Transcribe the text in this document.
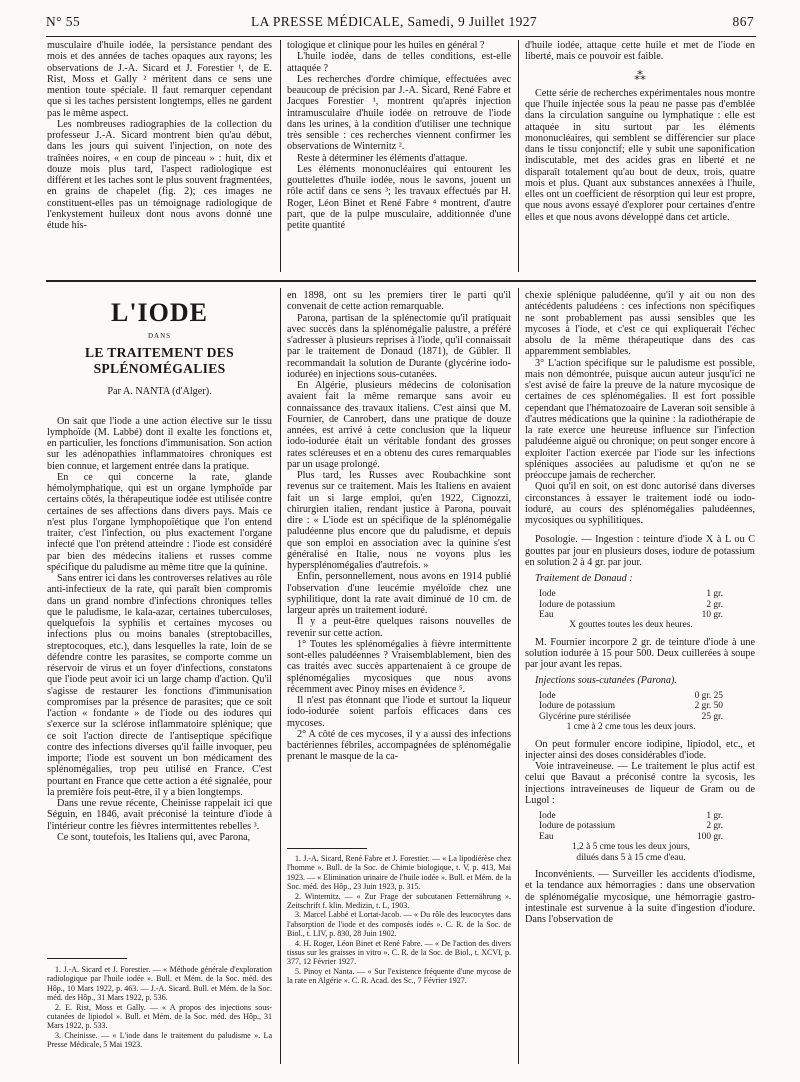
N° 55	LA PRESSE MÉDICALE, Samedi, 9 Juillet 1927	867

musculaire d'huile iodée, la persistance pendant des mois et des années de taches opaques aux rayons; les observations de J.-A. Sicard et J. Forestier ¹, de E. Rist, Moss et Gally ² méritent dans ce sens une mention toute spéciale. Il faut remarquer cependant que si les taches persistent longtemps, elles ne gardent pas le même aspect.

Les nombreuses radiographies de la collection du professeur J.-A. Sicard montrent bien qu'au début, dans les jours qui suivent l'injection, on note des traînées noires, « en coup de pinceau » : huit, dix et douze mois plus tard, l'aspect radiologique est différent et les taches sont le plus souvent fragmentées, en grains de chapelet (fig. 2); ces images ne constituent-elles pas un témoignage radiologique de l'enkystement huileux dont nous avons donné une étude his-

tologique et clinique pour les huiles en général ?

L'huile iodée, dans de telles conditions, est-elle attaquée ?

Les recherches d'ordre chimique, effectuées avec beaucoup de précision par J.-A. Sicard, René Fabre et Jacques Forestier ¹, montrent qu'après injection intramusculaire d'huile iodée on retrouve de l'iode dans les urines, à la condition d'utiliser une technique très sensible : ces recherches viennent confirmer les observations de Winternitz ².

Reste à déterminer les éléments d'attaque.

Les éléments mononucléaires qui entourent les gouttelettes d'huile iodée, nous le savons, jouent un rôle actif dans ce sens ³; les travaux effectués par H. Roger, Léon Binet et René Fabre ⁴ montrent, d'autre part, que de la pulpe musculaire, additionnée d'une petite quantité

d'huile iodée, attaque cette huile et met de l'iode en liberté, mais ce pouvoir est faible.

⁂

Cette série de recherches expérimentales nous montre que l'huile injectée sous la peau ne passe pas d'emblée dans la circulation sanguine ou lymphatique : elle est attaquée in situ surtout par les éléments mononucléaires, qui semblent se différencier sur place dans le tissu conjonctif; elle y subit une saponification indiscutable, met des acides gras en liberté et ne disparaît totalement qu'au bout de deux, trois, quatre mois et plus. Quant aux substances annexées à l'huile, elles ont un coefficient de résorption qui leur est propre, que nous avons essayé d'explorer pour certaines d'entre elles et que nous avons développé dans cet article.

L'IODE
DANS
LE TRAITEMENT DES SPLÉNOMÉGALIES
Par A. NANTA (d'Alger).

On sait que l'iode a une action élective sur le tissu lymphoïde (M. Labbé) dont il exalte les fonctions et, en particulier, les fonctions d'immunisation. Son action sur les adénopathies inflammatoires chroniques est bien connue, et largement entrée dans la pratique.

En ce qui concerne la rate, glande hémolymphatique, qui est un organe lymphoïde par certains côtés, la thérapeutique iodée est utilisée contre certaines de ses affections dans divers pays. Mais ce n'est plus l'organe lymphopoïétique que l'on entend traiter, c'est l'infection, ou plus exactement l'organe infecté que l'on prétend atteindre : l'iode est considéré par bien des médecins italiens et russes comme spécifique du paludisme au même titre que la quinine.

Sans entrer ici dans les controverses relatives au rôle anti-infectieux de la rate, qui paraît bien compromis dans un grand nombre d'infections chroniques telles que le paludisme, le kala-azar, certaines tuberculoses, quelquefois la syphilis et certaines mycoses ou infections plus ou moins banales (streptobacilles, streptocoques, etc.), dans lesquelles la rate, loin de se défendre contre les parasites, se comporte comme un réservoir de virus et un foyer d'infections, constatons que l'iode peut avoir ici un large champ d'action. Qu'il s'agisse de restaurer les fonctions d'immunisation compromises par la présence de parasites; que ce soit l'action « fondante » de l'iode ou des iodures qui s'exerce sur la sclérose inflammatoire splénique; que ce soit l'action directe de l'antiseptique spécifique contre des infections diverses qu'il faille invoquer, peu importe; l'iode est souvent un bon médicament des splénomégalies, trop peu utilisé en France. C'est pourtant en France que cette action a été signalée, pour la première fois peut-être, il y a bien longtemps.

Dans une revue récente, Cheinisse rappelait ici que Séguin, en 1846, avait préconisé la teinture d'iode à l'intérieur contre les fièvres intermittentes rebelles ³.

Ce sont, toutefois, les Italiens qui, avec Parona,

1. J.-A. Sicard et J. Forestier. — « Méthode générale d'exploration radiologique par l'huile iodée ». Bull. et Mém. de la Soc. méd. des Hôp., 10 Mars 1922, p. 463. — J.-A. Sicard. Bull. et Mém. de la Soc. méd. des Hôp., 31 Mars 1922, p. 536.

2. E. Rist, Moss et Gally. — « A propos des injections sous-cutanées de lipiodol ». Bull. et Mém. de la Soc. méd. des Hôp., 31 Mars 1922, p. 533.

3. Cheinisse. — « L'iode dans le traitement du paludisme ». La Presse Médicale, 5 Mai 1923.

en 1898, ont su les premiers tirer le parti qu'il convenait de cette action remarquable.

Parona, partisan de la splénectomie qu'il pratiquait avec succès dans la splénomégalie palustre, a préféré s'adresser à plusieurs reprises à l'iode, qu'il connaissait par le traitement de Donaud (1871), de Gübler. Il recommandait la solution de Durante (glycérine iodo-iodurée) en injections sous-cutanées.

En Algérie, plusieurs médecins de colonisation avaient fait la même remarque sans avoir eu connaissance des travaux italiens. C'est ainsi que M. Fournier, de Canrobert, dans une pratique de douze années, est arrivé à cette conclusion que la liqueur iodo-iodurée était un véritable fondant des grosses rates scléreuses et en a obtenu des cures remarquables par un usage prolongé.

Plus tard, les Russes avec Roubachkine sont revenus sur ce traitement. Mais les Italiens en avaient fait un si large emploi, qu'en 1922, Cignozzi, chirurgien italien, rendant justice à Parona, pouvait dire : « L'iode est un spécifique de la splénomégalie paludéenne plus encore que du paludisme, et depuis que son emploi en association avec la quinine s'est généralisé en Italie, nous ne voyons plus les hypersplénomégalies d'autrefois. »

Enfin, personnellement, nous avons en 1914 publié l'observation d'une leucémie myéloïde chez une syphilitique, dont la rate avait diminué de 10 cm. de largeur après un traitement ioduré.

Il y a peut-être quelques raisons nouvelles de revenir sur cette action.

1° Toutes les splénomégalies à fièvre intermittente sont-elles paludéennes ? Vraisemblablement, bien des cas traités avec succès appartenaient à ce groupe de splénomégalies mycosiques que nous avons récemment avec Pinoy mises en évidence ⁵.

Il n'est pas étonnant que l'iode et surtout la liqueur iodo-iodurée soient parfois efficaces dans ces mycoses.

2° A côté de ces mycoses, il y a aussi des infections bactériennes fébriles, accompagnées de splénomégalie prenant le masque de la ca-

1. J.-A. Sicard, René Fabre et J. Forestier. — « La lipodiérèse chez l'homme ». Bull. de la Soc. de Chimie biologique, t. V, p. 413, Mai 1923. — « Elimination urinaire de l'huile iodée ». Bull. et Mém. de la Soc. méd. des Hôp., 23 Juin 1923, p. 315.

2. Winternitz. — « Zur Frage der subcutanen Fetternährung ». Zeitschrift f. klin. Medizin, t. L, 1903.

3. Marcel Labbé et Lortat-Jacob. — « Du rôle des leucocytes dans l'absorption de l'iode et des composés iodés ». C. R. de la Soc. de Biol., t. LIV, p. 830, 28 Juin 1902.

4. H. Roger, Léon Binet et René Fabre. — « De l'action des divers tissus sur les graisses in vitro ». C. R. de la Soc. de Biol., t. XCVI, p. 377, 12 Février 1927.

5. Pinoy et Nanta. — « Sur l'existence fréquente d'une mycose de la rate en Algérie ». C. R. Acad. des Sc., 7 Février 1927.

chexie splénique paludéenne, qu'il y ait ou non des antécédents paludéens : ces infections non spécifiques ne sont probablement pas aussi sensibles que les mycoses à l'iode, et c'est ce qui expliquerait l'échec absolu de la même thérapeutique dans des cas apparemment semblables.

3° L'action spécifique sur le paludisme est possible, mais non démontrée, puisque aucun auteur jusqu'ici ne s'est avisé de faire la preuve de la nature mycosique de certaines de ces splénomégalies. Il est fort possible cependant que l'hématozoaire de Laveran soit sensible à d'autres médications que la quinine : la radiothérapie de la rate exerce une heureuse influence sur l'infection paludéenne aiguë ou chronique; on peut songer encore à exploiter l'action exercée par l'iode sur les infections spléniques associées au paludisme et qu'on ne se préoccupe jamais de rechercher.

Quoi qu'il en soit, on est donc autorisé dans diverses circonstances à essayer le traitement iodé ou iodo-ioduré, au cours des splénomégalies paludéennes, mycosiques ou syphilitiques.

Posologie. — Ingestion : teinture d'iode X à L ou C gouttes par jour en plusieurs doses, iodure de potassium en solution 2 à 4 gr. par jour.

Traitement de Donaud :

Iode	1 gr.
Iodure de potassium	2 gr.
Eau	10 gr.
X gouttes toutes les deux heures.

M. Fournier incorpore 2 gr. de teinture d'iode à une solution iodurée à 15 pour 500. Deux cuillerées à soupe par jour avant les repas.

Injections sous-cutanées (Parona).

Iode	0 gr. 25
Iodure de potassium	2 gr. 50
Glycérine pure stérilisée	25 gr.
1 cme à 2 cme tous les deux jours.

On peut formuler encore iodipine, lipiodol, etc., et injecter ainsi des doses considérables d'iode.

Voie intraveineuse. — Le traitement le plus actif est celui que Bavaut a préconisé contre la sycosis, les injections intraveineuses de liqueur de Gram ou de Lugol :

Iode	1 gr.
Iodure de potassium	2 gr.
Eau	100 gr.
1,2 à 5 cme tous les deux jours,
dilués dans 5 à 15 cme d'eau.

Inconvénients. — Surveiller les accidents d'iodisme, et la tendance aux hémorragies : dans une observation de splénomégalie mycosique, une hémorragie gastro-intestinale est survenue à la suite d'ingestion d'iodure. Dans l'observation de
